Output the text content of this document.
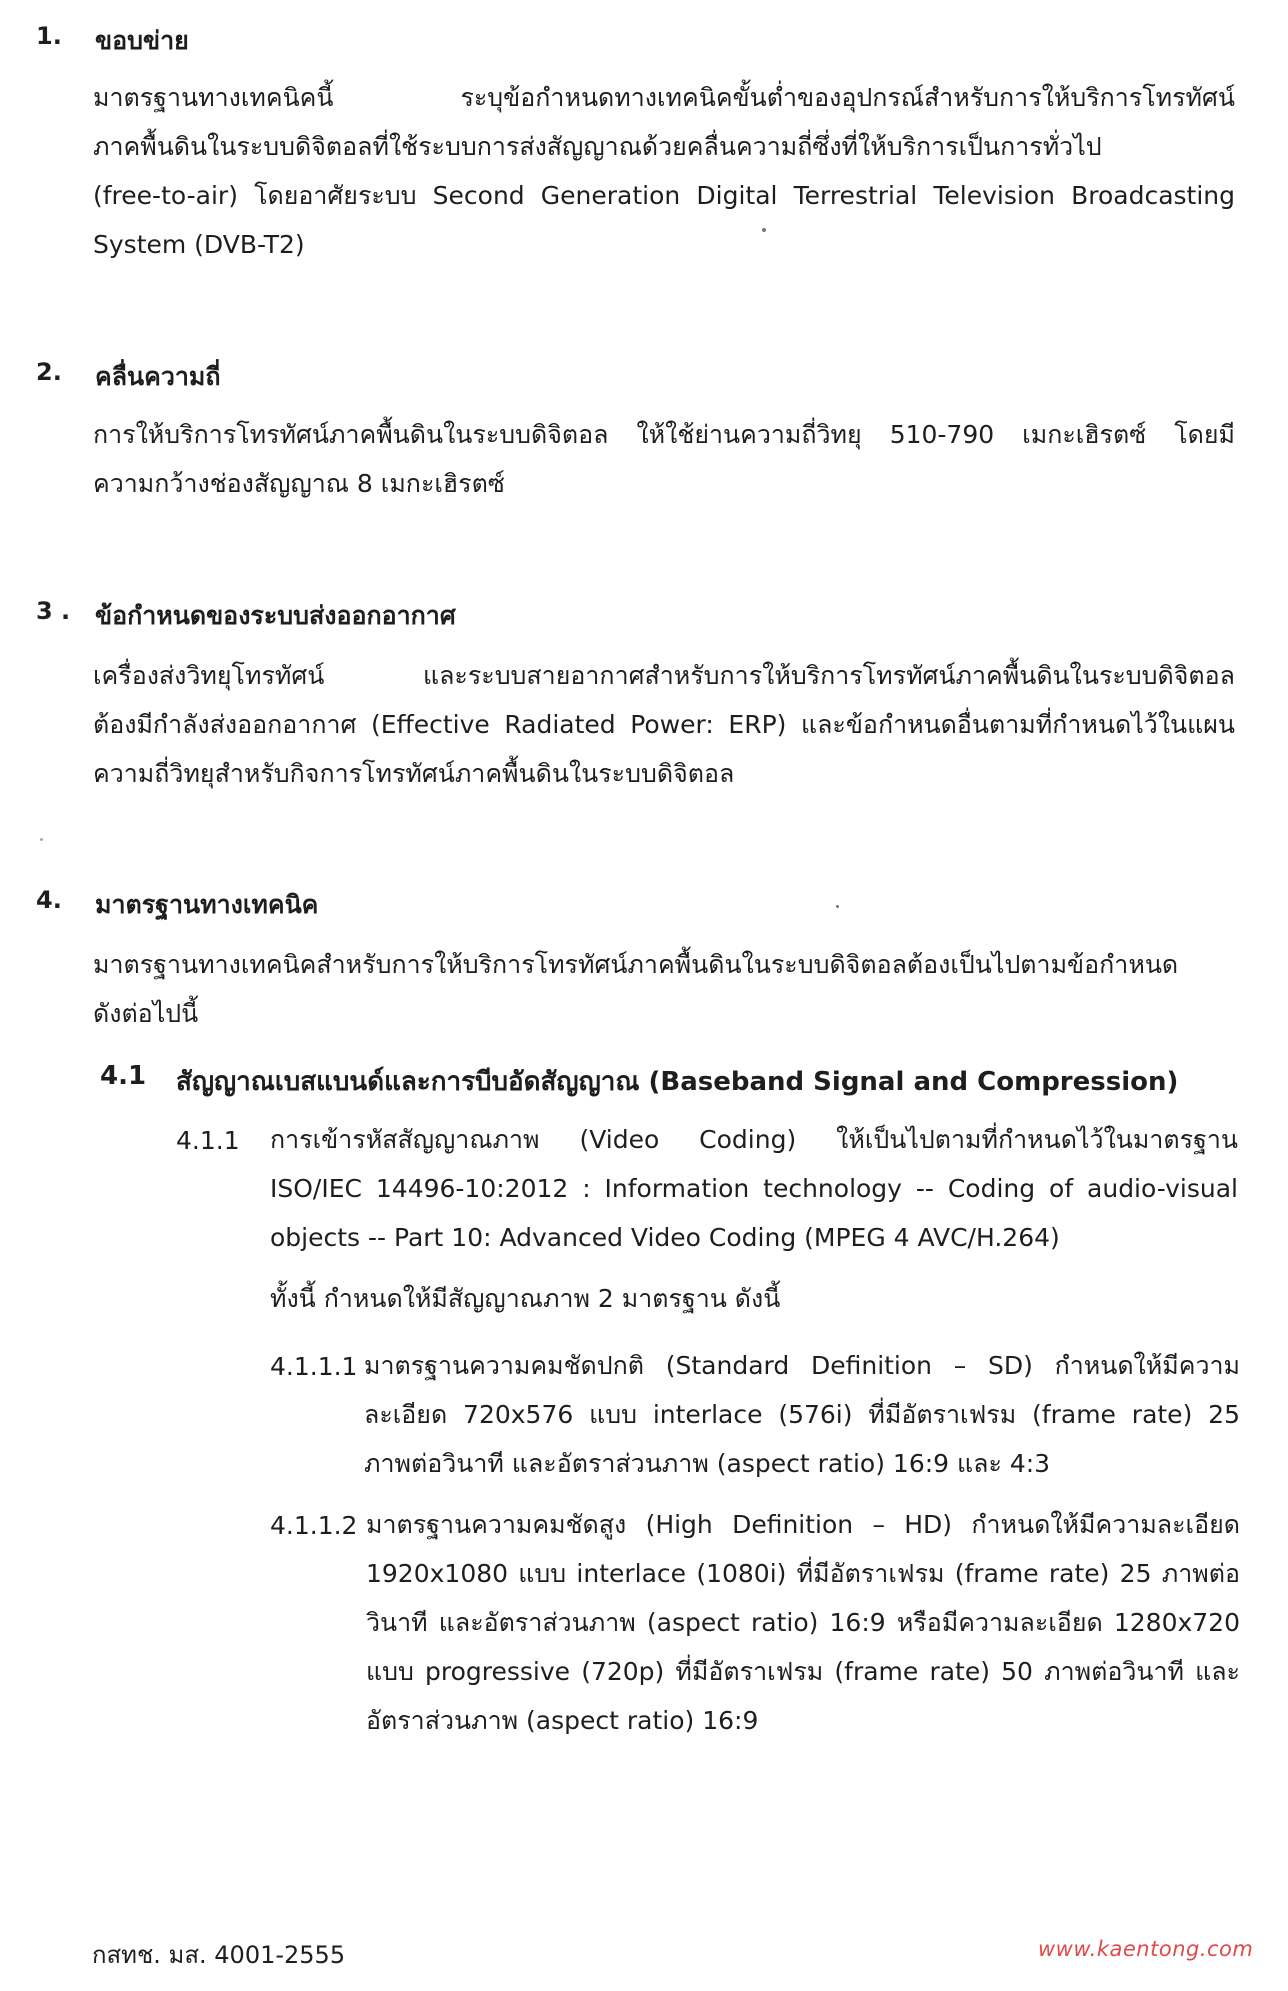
1. ขอบข่าย
มาตรฐานทางเทคนิคนี้ ระบุข้อกำหนดทางเทคนิคขั้นต่ำของอุปกรณ์สำหรับการให้บริการโทรทัศน์
ภาคพื้นดินในระบบดิจิตอลที่ใช้ระบบการส่งสัญญาณด้วยคลื่นความถี่ซึ่งที่ให้บริการเป็นการทั่วไป
(free-to-air) โดยอาศัยระบบ Second Generation Digital Terrestrial Television Broadcasting
System (DVB-T2)
2. คลื่นความถี่
การให้บริการโทรทัศน์ภาคพื้นดินในระบบดิจิตอล ให้ใช้ย่านความถี่วิทยุ 510-790 เมกะเฮิรตซ์ โดยมี
ความกว้างช่องสัญญาณ 8 เมกะเฮิรตซ์
3 . ข้อกำหนดของระบบส่งออกอากาศ
เครื่องส่งวิทยุโทรทัศน์ และระบบสายอากาศสำหรับการให้บริการโทรทัศน์ภาคพื้นดินในระบบดิจิตอล
ต้องมีกำลังส่งออกอากาศ (Effective Radiated Power: ERP) และข้อกำหนดอื่นตามที่กำหนดไว้ในแผน
ความถี่วิทยุสำหรับกิจการโทรทัศน์ภาคพื้นดินในระบบดิจิตอล
4. มาตรฐานทางเทคนิค
มาตรฐานทางเทคนิคสำหรับการให้บริการโทรทัศน์ภาคพื้นดินในระบบดิจิตอลต้องเป็นไปตามข้อกำหนด
ดังต่อไปนี้
4.1 สัญญาณเบสแบนด์และการบีบอัดสัญญาณ (Baseband Signal and Compression)
4.1.1 การเข้ารหัสสัญญาณภาพ (Video Coding) ให้เป็นไปตามที่กำหนดไว้ในมาตรฐาน
ISO/IEC 14496-10:2012 : Information technology -- Coding of audio-visual
objects -- Part 10: Advanced Video Coding (MPEG 4 AVC/H.264)
ทั้งนี้ กำหนดให้มีสัญญาณภาพ 2 มาตรฐาน ดังนี้
4.1.1.1 มาตรฐานความคมชัดปกติ (Standard Definition – SD) กำหนดให้มีความ
ละเอียด 720x576 แบบ interlace (576i) ที่มีอัตราเฟรม (frame rate) 25
ภาพต่อวินาที และอัตราส่วนภาพ (aspect ratio) 16:9 และ 4:3
4.1.1.2 มาตรฐานความคมชัดสูง (High Definition – HD) กำหนดให้มีความละเอียด
1920x1080 แบบ interlace (1080i) ที่มีอัตราเฟรม (frame rate) 25 ภาพต่อ
วินาที และอัตราส่วนภาพ (aspect ratio) 16:9 หรือมีความละเอียด 1280x720
แบบ progressive (720p) ที่มีอัตราเฟรม (frame rate) 50 ภาพต่อวินาที และ
อัตราส่วนภาพ (aspect ratio) 16:9
กสทช. มส. 4001-2555	www.kaentong.com
